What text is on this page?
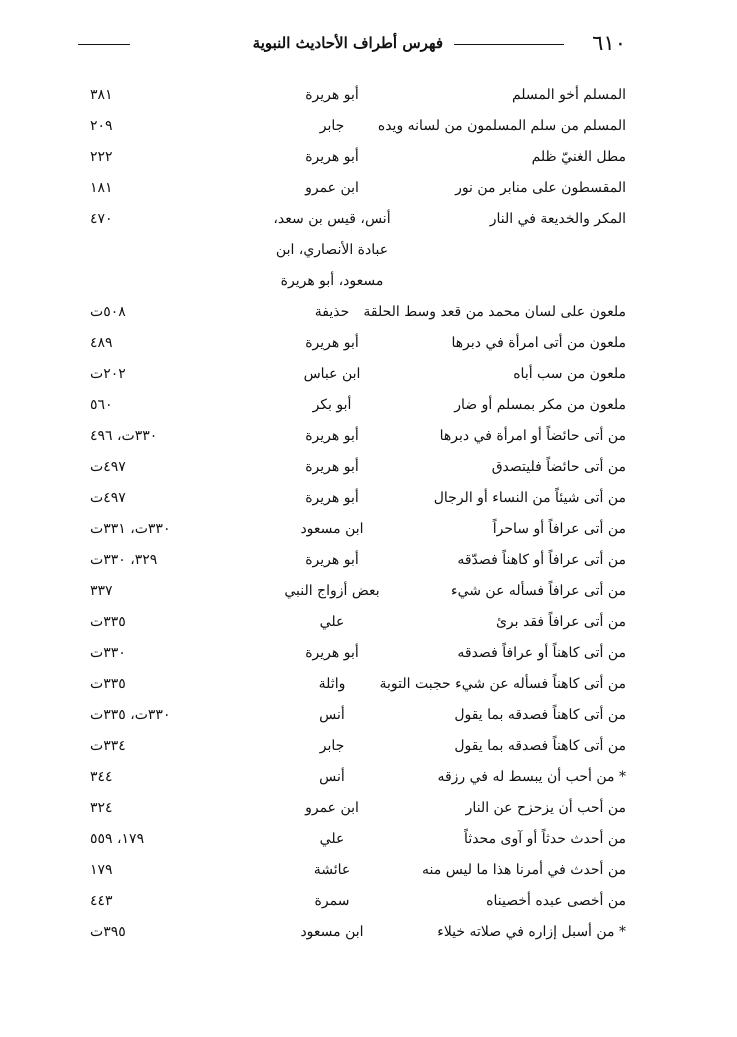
٦١٠
فهرس أطراف الأحاديث النبوية
المسلم أخو المسلم
أبو هريرة
٣٨١
المسلم من سلم المسلمون من لسانه ويده
جابر
٢٠٩
مطل الغنيّ ظلم
أبو هريرة
٢٢٢
المقسطون على منابر من نور
ابن عمرو
١٨١
المكر والخديعة في النار
أنس، قيس بن سعد،
٤٧٠
عبادة الأنصاري، ابن
مسعود، أبو هريرة
ملعون على لسان محمد من قعد وسط الحلقة
حذيفة
٥٠٨ت
ملعون من أتى امرأة في دبرها
أبو هريرة
٤٨٩
ملعون من سب أباه
ابن عباس
٢٠٢ت
ملعون من مكر بمسلم أو ضار
أبو بكر
٥٦٠
من أتى حائضاً أو امرأة في دبرها
أبو هريرة
٣٣٠ت، ٤٩٦
من أتى حائضاً فليتصدق
أبو هريرة
٤٩٧ت
من أتى شيئاً من النساء أو الرجال
أبو هريرة
٤٩٧ت
من أتى عرافاً أو ساحراً
ابن مسعود
٣٣٠ت، ٣٣١ت
من أتى عرافاً أو كاهناً فصدّقه
أبو هريرة
٣٢٩، ٣٣٠ت
من أتى عرافاً فسأله عن شيء
بعض أزواج النبي
٣٣٧
من أتى عرافاً فقد برئ
علي
٣٣٥ت
من أتى كاهناً أو عرافاً فصدقه
أبو هريرة
٣٣٠ت
من أتى كاهناً فسأله عن شيء حجبت التوبة
واثلة
٣٣٥ت
من أتى كاهناً فصدقه بما يقول
أنس
٣٣٠ت، ٣٣٥ت
من أتى كاهناً فصدقه بما يقول
جابر
٣٣٤ت
* من أحب أن يبسط له في رزقه
أنس
٣٤٤
من أحب أن يزحزح عن النار
ابن عمرو
٣٢٤
من أحدث حدثاً أو آوى محدثاً
علي
١٧٩، ٥٥٩
من أحدث في أمرنا هذا ما ليس منه
عائشة
١٧٩
من أخصى عبده أخصيناه
سمرة
٤٤٣
* من أسبل إزاره في صلاته خيلاء
ابن مسعود
٣٩٥ت
